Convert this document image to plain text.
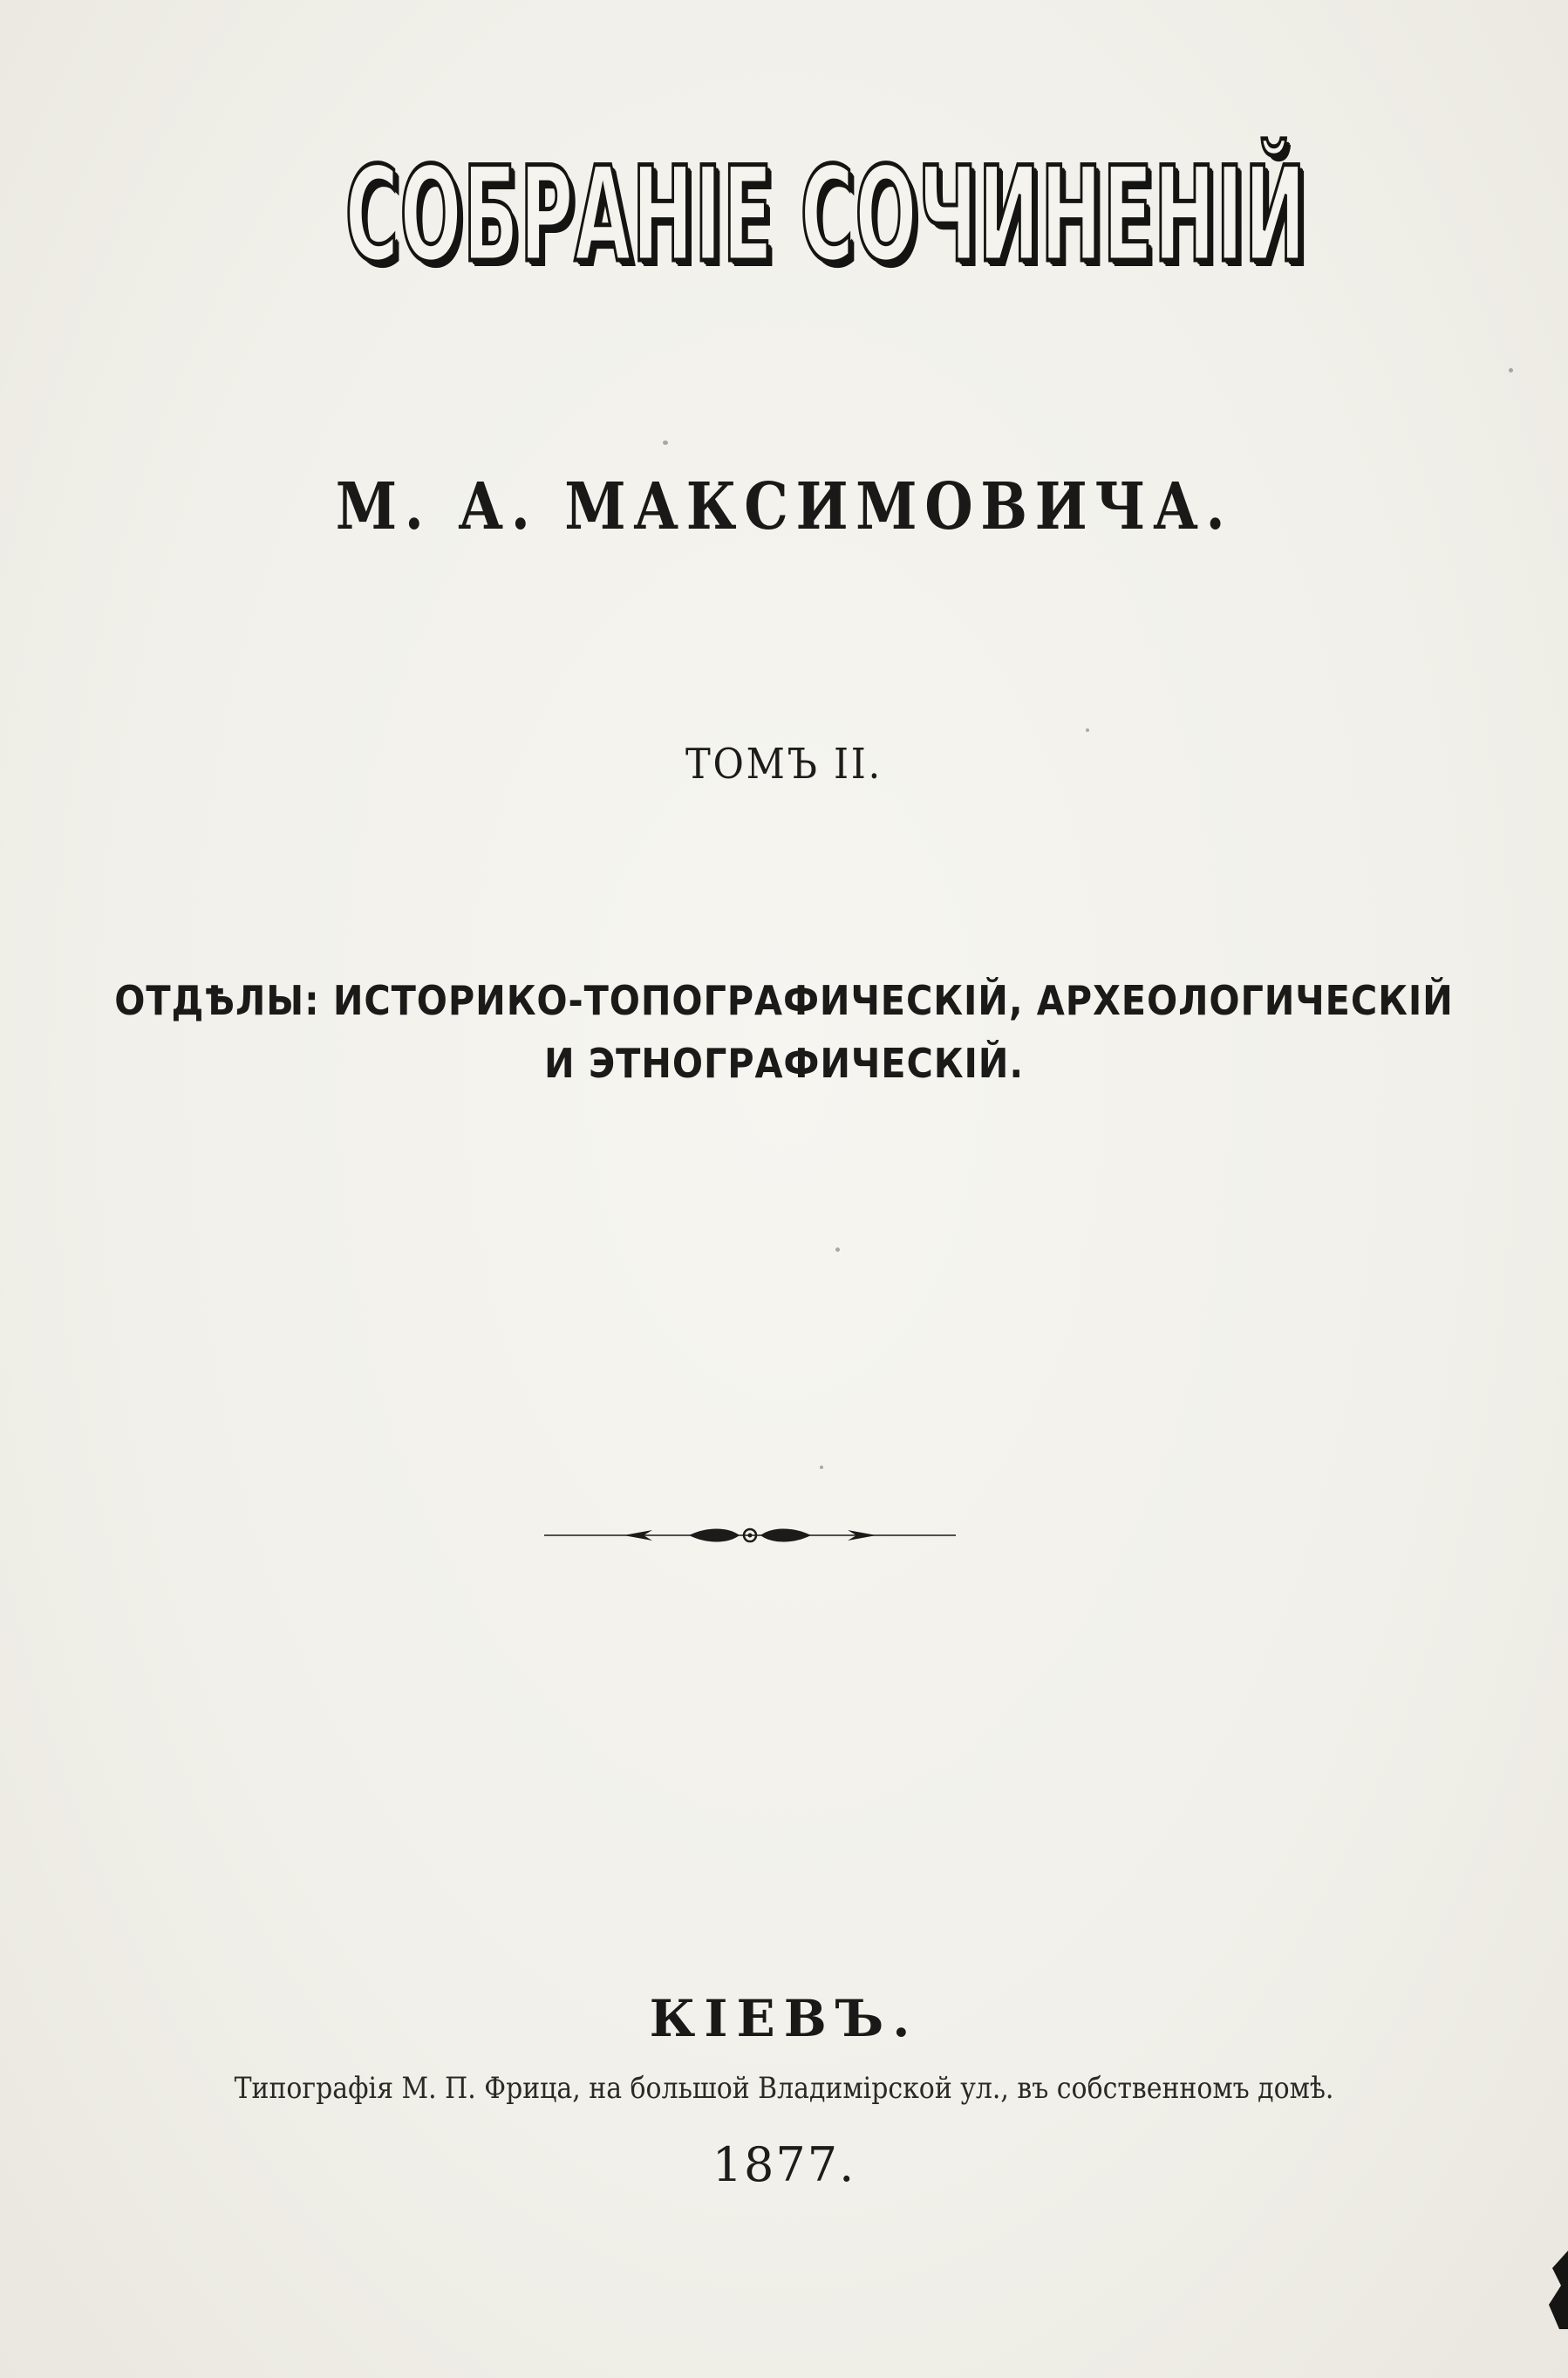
СОБРАНІЕ СОЧИНЕНІЙ
М. А. МАКСИМОВИЧА.
ТОМЪ II.
ОТДѢЛЫ: ИСТОРИКО-ТОПОГРАФИЧЕСКІЙ, АРХЕОЛОГИЧЕСКІЙ
И ЭТНОГРАФИЧЕСКІЙ.
КІЕВЪ.
Типографія М. П. Фрица, на большой Владимірской ул., въ собственномъ домѣ.
1877.
